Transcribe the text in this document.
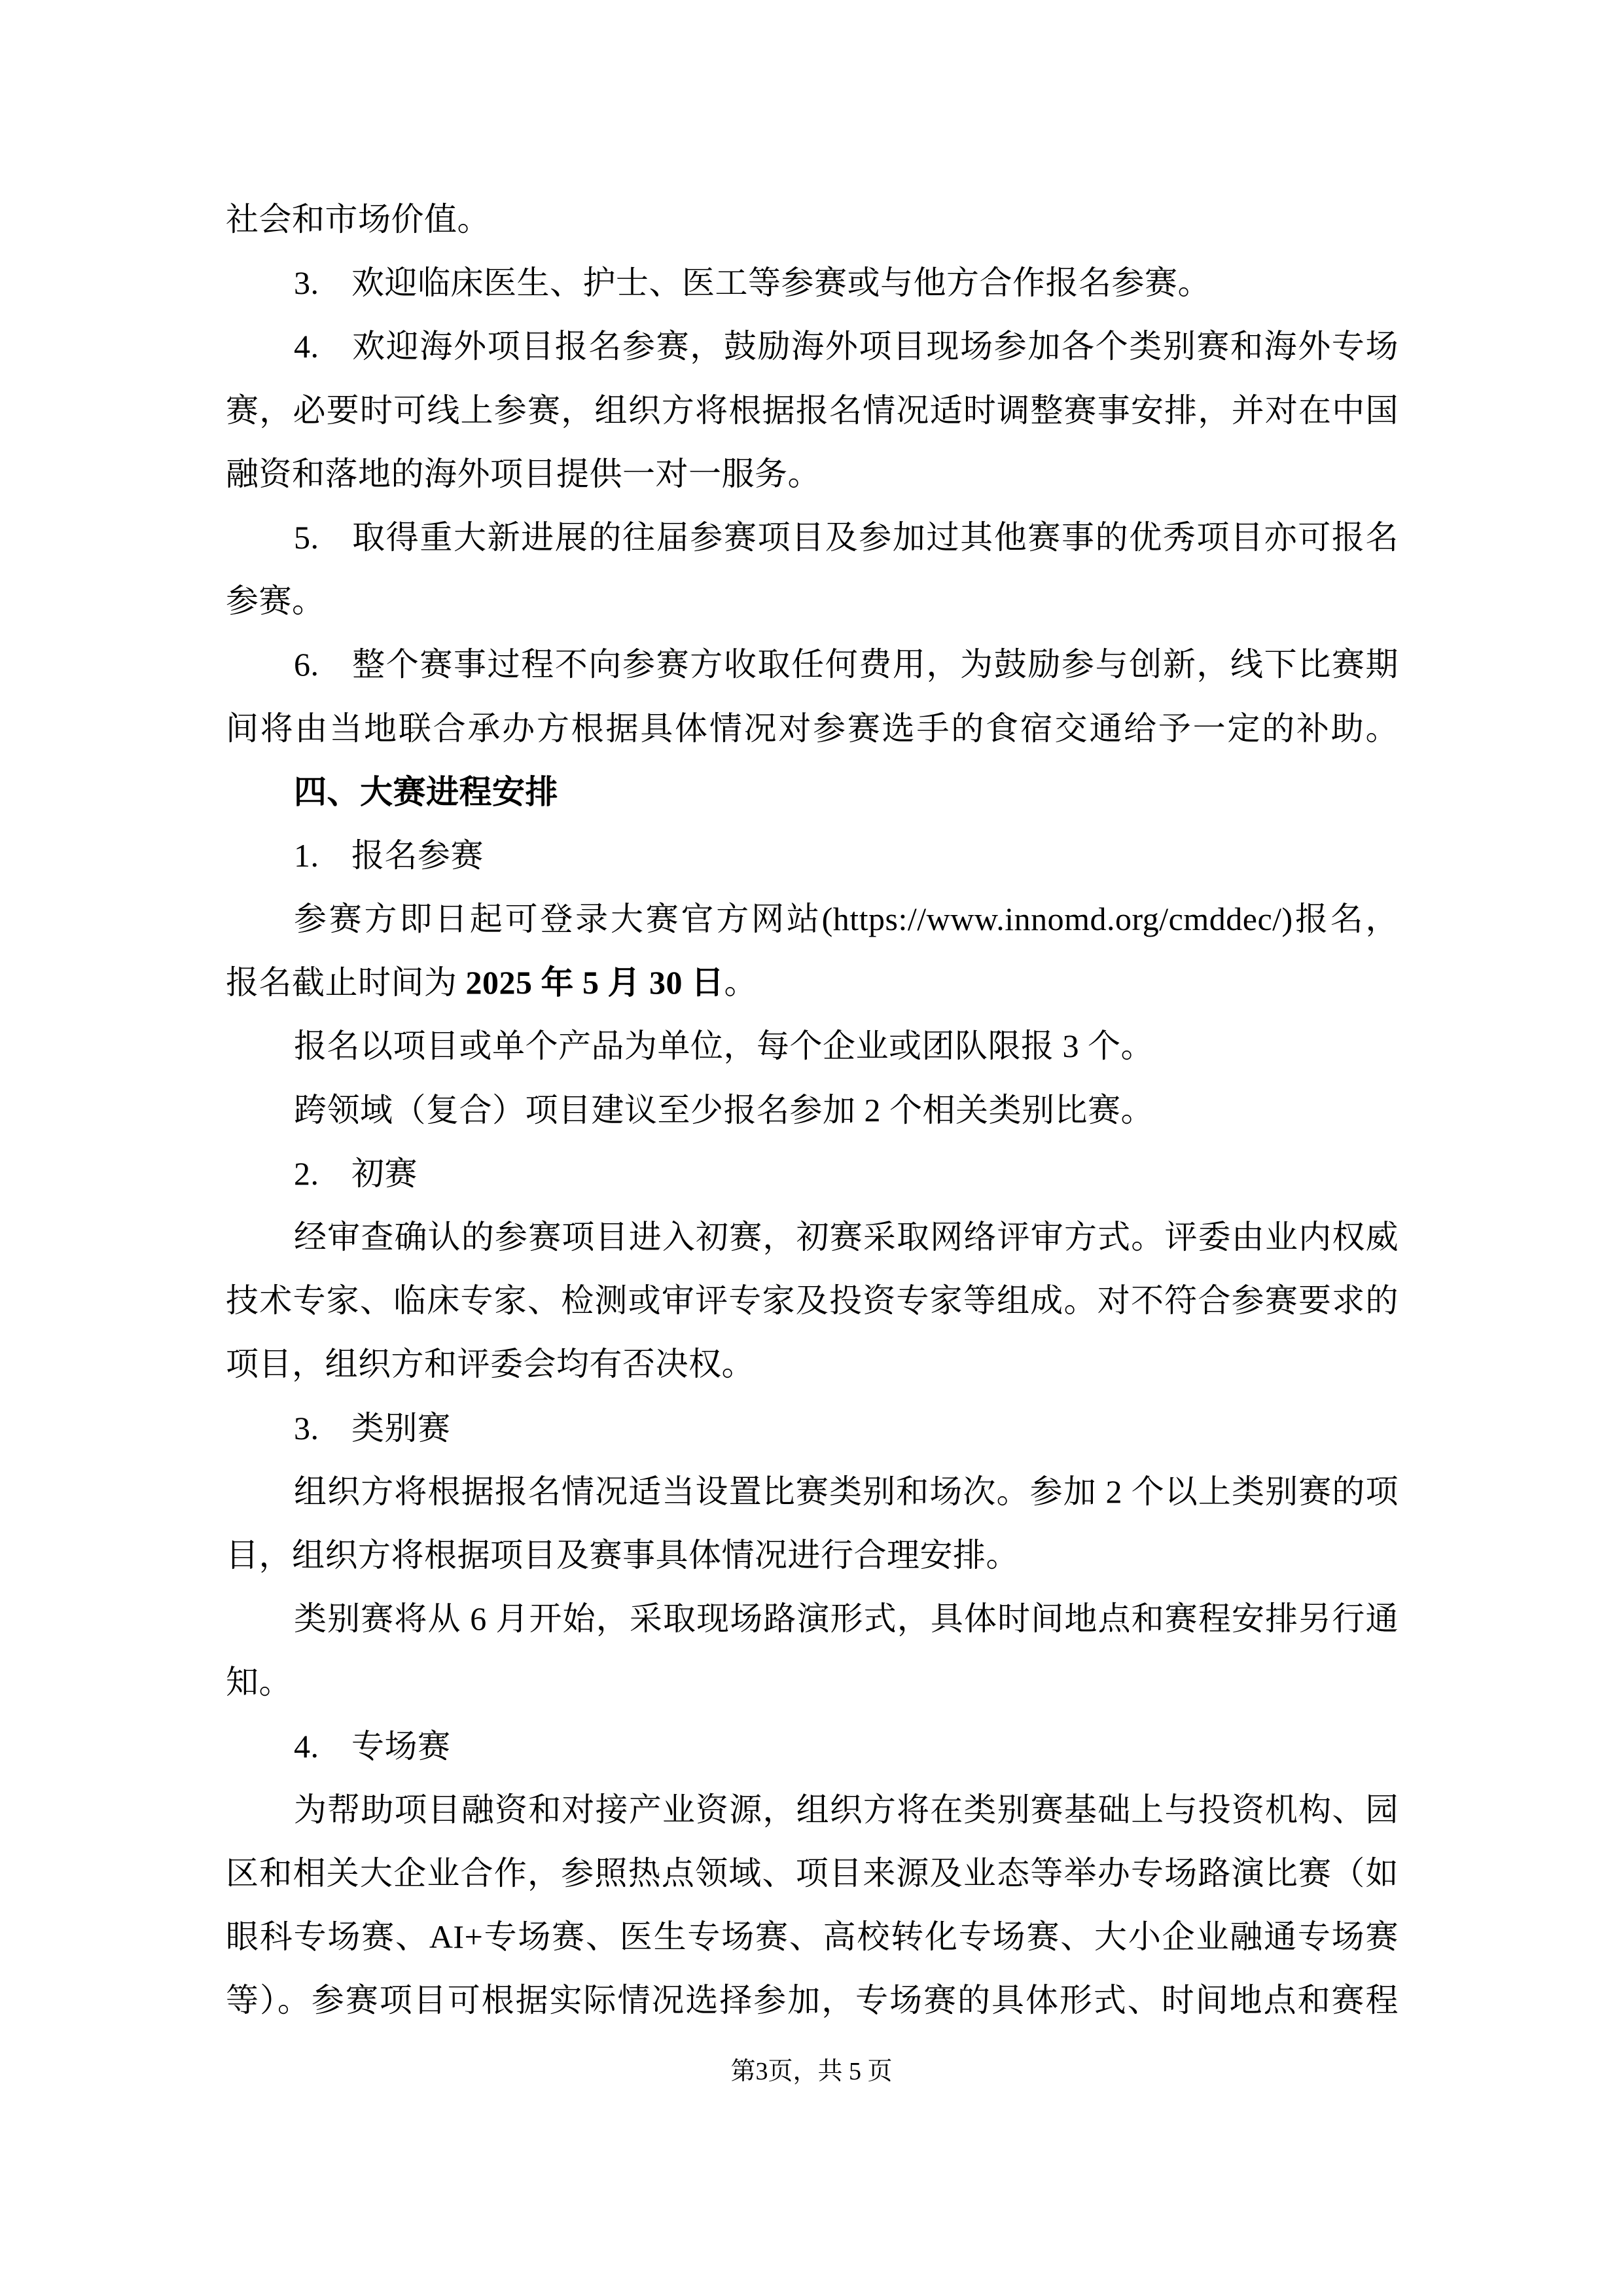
社会和市场价值。
3. 欢迎临床医生、护士、医工等参赛或与他方合作报名参赛。
4. 欢迎海外项目报名参赛，鼓励海外项目现场参加各个类别赛和海外专场
赛，必要时可线上参赛，组织方将根据报名情况适时调整赛事安排，并对在中国
融资和落地的海外项目提供一对一服务。
5. 取得重大新进展的往届参赛项目及参加过其他赛事的优秀项目亦可报名
参赛。
6. 整个赛事过程不向参赛方收取任何费用，为鼓励参与创新，线下比赛期
间将由当地联合承办方根据具体情况对参赛选手的食宿交通给予一定的补助。
四、大赛进程安排
1. 报名参赛
参赛方即日起可登录大赛官方网站(https://www.innomd.org/cmddec/)报名，
报名截止时间为 2025 年 5 月 30 日。
报名以项目或单个产品为单位，每个企业或团队限报 3 个。
跨领域（复合）项目建议至少报名参加 2 个相关类别比赛。
2. 初赛
经审查确认的参赛项目进入初赛，初赛采取网络评审方式。评委由业内权威
技术专家、临床专家、检测或审评专家及投资专家等组成。对不符合参赛要求的
项目，组织方和评委会均有否决权。
3. 类别赛
组织方将根据报名情况适当设置比赛类别和场次。参加 2 个以上类别赛的项
目，组织方将根据项目及赛事具体情况进行合理安排。
类别赛将从 6 月开始，采取现场路演形式，具体时间地点和赛程安排另行通
知。
4. 专场赛
为帮助项目融资和对接产业资源，组织方将在类别赛基础上与投资机构、园
区和相关大企业合作，参照热点领域、项目来源及业态等举办专场路演比赛（如
眼科专场赛、AI+专场赛、医生专场赛、高校转化专场赛、大小企业融通专场赛
等）。参赛项目可根据实际情况选择参加，专场赛的具体形式、时间地点和赛程
第3页，共 5 页
